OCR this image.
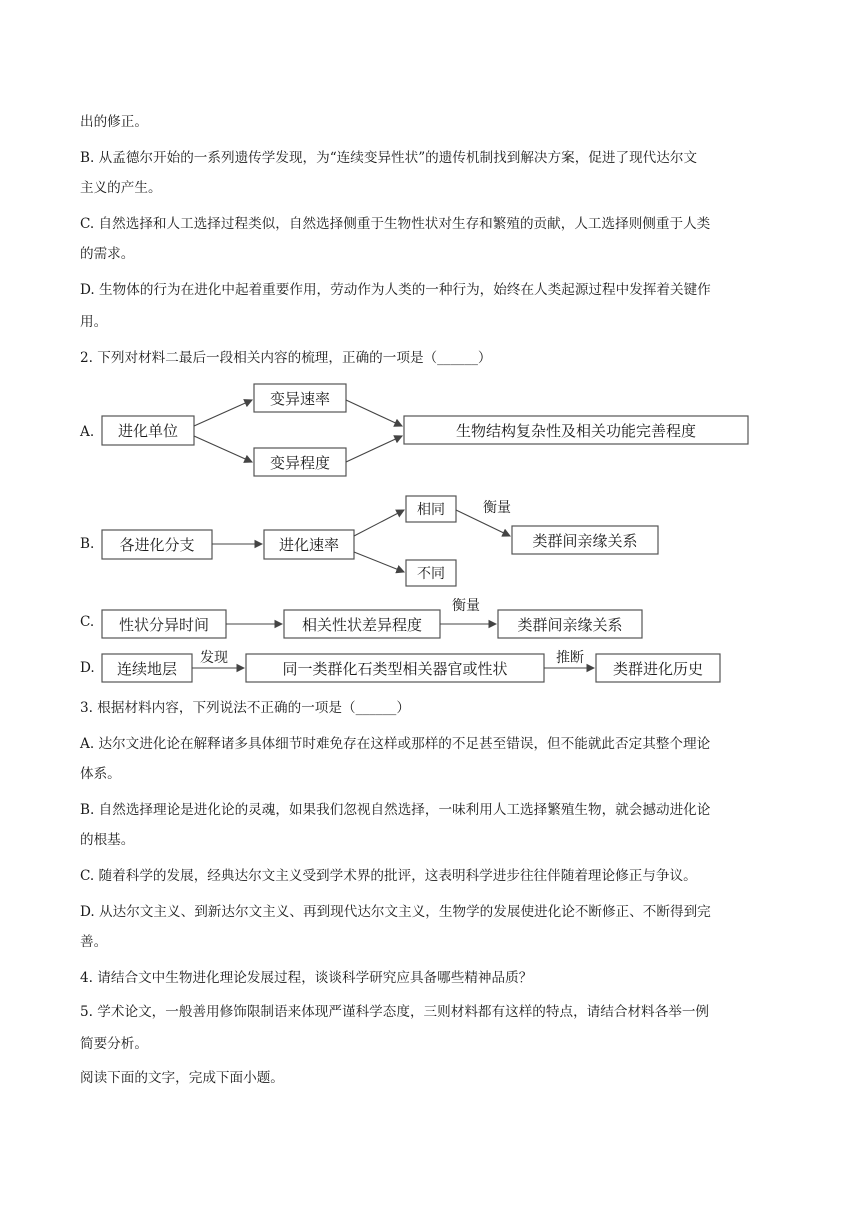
出的修正。
B. 从孟德尔开始的一系列遗传学发现，为“连续变异性状”的遗传机制找到解决方案，促进了现代达尔文
主义的产生。
C. 自然选择和人工选择过程类似，自然选择侧重于生物性状对生存和繁殖的贡献，人工选择则侧重于人类
的需求。
D. 生物体的行为在进化中起着重要作用，劳动作为人类的一种行为，始终在人类起源过程中发挥着关键作
用。
2. 下列对材料二最后一段相关内容的梳理，正确的一项是（______）
A. 进化单位
变异速率
变异程度
生物结构复杂性及相关功能完善程度
B. 各进化分支	进化速率
相同
不同
衡量
类群间亲缘关系
C. 性状分异时间	相关性状差异程度
衡量
类群间亲缘关系
D. 连续地层
发现
同一类群化石类型相关器官或性状
推断
类群进化历史
3. 根据材料内容，下列说法不正确的一项是（______）
A. 达尔文进化论在解释诸多具体细节时难免存在这样或那样的不足甚至错误，但不能就此否定其整个理论
体系。
B. 自然选择理论是进化论的灵魂，如果我们忽视自然选择，一味利用人工选择繁殖生物，就会撼动进化论
的根基。
C. 随着科学的发展，经典达尔文主义受到学术界的批评，这表明科学进步往往伴随着理论修正与争议。
D. 从达尔文主义、到新达尔文主义、再到现代达尔文主义，生物学的发展使进化论不断修正、不断得到完
善。
4. 请结合文中生物进化理论发展过程，谈谈科学研究应具备哪些精神品质？
5. 学术论文，一般善用修饰限制语来体现严谨科学态度，三则材料都有这样的特点，请结合材料各举一例
简要分析。
阅读下面的文字，完成下面小题。
